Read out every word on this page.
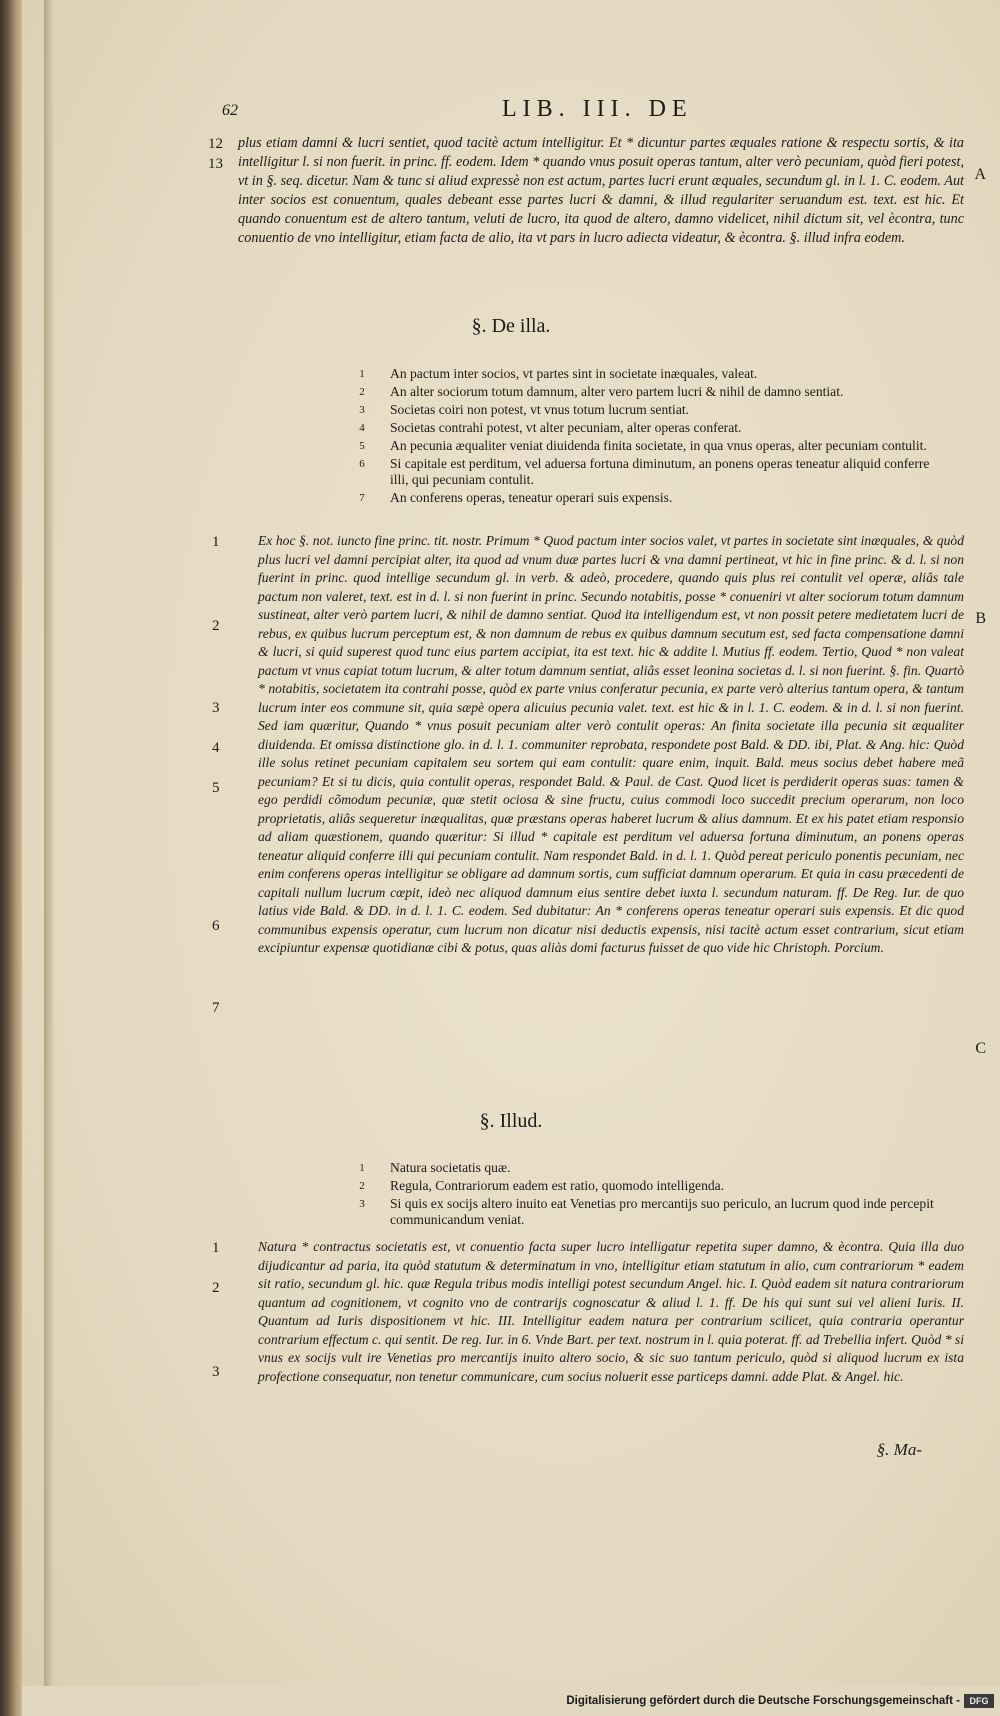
62	LIB. III. DE
A
B
C
12
13

plus etiam damni & lucri sentiet, quod tacitè actum intelligitur. Et * dicuntur partes æquales ratione & respectu sortis, & ita intelligitur l. si non fuerit. in princ. ff. eodem. Idem * quando vnus posuit operas tantum, alter verò pecuniam, quòd fieri potest, vt in §. seq. dicetur. Nam & tunc si aliud expressè non est actum, partes lucri erunt æquales, secundum gl. in l. 1. C. eodem. Aut inter socios est conuentum, quales debeant esse partes lucri & damni, & illud regulariter seruandum est. text. est hic. Et quando conuentum est de altero tantum, veluti de lucro, ita quod de altero, damno videlicet, nihil dictum sit, vel ècontra, tunc conuentio de vno intelligitur, etiam facta de alio, ita vt pars in lucro adiecta videatur, & ècontra. §. illud infra eodem.

§. De illa.
1	An pactum inter socios, vt partes sint in societate inæquales, valeat.
2	An alter sociorum totum damnum, alter vero partem lucri & nihil de damno sentiat.
3	Societas coiri non potest, vt vnus totum lucrum sentiat.
4	Societas contrahi potest, vt alter pecuniam, alter operas conferat.
5	An pecunia æqualiter veniat diuidenda finita societate, in qua vnus operas, alter pecuniam contulit.
6	Si capitale est perditum, vel aduersa fortuna diminutum, an ponens operas teneatur aliquid conferre illi, qui pecuniam contulit.
7	An conferens operas, teneatur operari suis expensis.
1
2
3
4
5
6
7

Ex hoc §. not. iuncto fine princ. tit. nostr. Primum * Quod pactum inter socios valet, vt partes in societate sint inæquales, & quòd plus lucri vel damni percipiat alter, ita quod ad vnum duæ partes lucri & vna damni pertineat, vt hic in fine princ. & d. l. si non fuerint in princ. quod intellige secundum gl. in verb. & adeò, procedere, quando quis plus rei contulit vel operæ, aliâs tale pactum non valeret, text. est in d. l. si non fuerint in princ. Secundo notabitis, posse * conueniri vt alter sociorum totum damnum sustineat, alter verò partem lucri, & nihil de damno sentiat. Quod ita intelligendum est, vt non possit petere medietatem lucri de rebus, ex quibus lucrum perceptum est, & non damnum de rebus ex quibus damnum secutum est, sed facta compensatione damni & lucri, si quid superest quod tunc eius partem accipiat, ita est text. hic & addite l. Mutius ff. eodem. Tertio, Quod * non valeat pactum vt vnus capiat totum lucrum, & alter totum damnum sentiat, aliâs esset leonina societas d. l. si non fuerint. §. fin. Quartò * notabitis, societatem ita contrahi posse, quòd ex parte vnius conferatur pecunia, ex parte verò alterius tantum opera, & tantum lucrum inter eos commune sit, quia sæpè opera alicuius pecunia valet. text. est hic & in l. 1. C. eodem. & in d. l. si non fuerint. Sed iam quæritur, Quando * vnus posuit pecuniam alter verò contulit operas: An finita societate illa pecunia sit æqualiter diuidenda. Et omissa distinctione glo. in d. l. 1. communiter reprobata, respondete post Bald. & DD. ibi, Plat. & Ang. hic: Quòd ille solus retinet pecuniam capitalem seu sortem qui eam contulit: quare enim, inquit. Bald. meus socius debet habere meã pecuniam? Et si tu dicis, quia contulit operas, respondet Bald. & Paul. de Cast. Quod licet is perdiderit operas suas: tamen & ego perdidi cõmodum pecuniæ, quæ stetit ociosa & sine fructu, cuius commodi loco succedit precium operarum, non loco proprietatis, aliâs sequeretur inæqualitas, quæ præstans operas haberet lucrum & alius damnum. Et ex his patet etiam responsio ad aliam quæstionem, quando quæritur: Si illud * capitale est perditum vel aduersa fortuna diminutum, an ponens operas teneatur aliquid conferre illi qui pecuniam contulit. Nam respondet Bald. in d. l. 1. Quòd pereat periculo ponentis pecuniam, nec enim conferens operas intelligitur se obligare ad damnum sortis, cum sufficiat damnum operarum. Et quia in casu præcedenti de capitali nullum lucrum cœpit, ideò nec aliquod damnum eius sentire debet iuxta l. secundum naturam. ff. De Reg. Iur. de quo latius vide Bald. & DD. in d. l. 1. C. eodem. Sed dubitatur: An * conferens operas teneatur operari suis expensis. Et dic quod communibus expensis operatur, cum lucrum non dicatur nisi deductis expensis, nisi tacitè actum esset contrarium, sicut etiam excipiuntur expensæ quotidianæ cibi & potus, quas aliàs domi facturus fuisset de quo vide hic Christoph. Porcium.

§. Illud.
1	Natura societatis quæ.
2	Regula, Contrariorum eadem est ratio, quomodo intelligenda.
3	Si quis ex socijs altero inuito eat Venetias pro mercantijs suo periculo, an lucrum quod inde percepit communicandum veniat.
1
2
3

Natura * contractus societatis est, vt conuentio facta super lucro intelligatur repetita super damno, & ècontra. Quia illa duo dijudicantur ad paria, ita quòd statutum & determinatum in vno, intelligitur etiam statutum in alio, cum contrariorum * eadem sit ratio, secundum gl. hic. quæ Regula tribus modis intelligi potest secundum Angel. hic. I. Quòd eadem sit natura contrariorum quantum ad cognitionem, vt cognito vno de contrarijs cognoscatur & aliud l. 1. ff. De his qui sunt sui vel alieni Iuris. II. Quantum ad Iuris dispositionem vt hic. III. Intelligitur eadem natura per contrarium scilicet, quia contraria operantur contrarium effectum c. qui sentit. De reg. Iur. in 6. Vnde Bart. per text. nostrum in l. quia poterat. ff. ad Trebellia infert. Quòd * si vnus ex socijs vult ire Venetias pro mercantijs inuito altero socio, & sic suo tantum periculo, quòd si aliquod lucrum ex ista profectione consequatur, non tenetur communicare, cum socius noluerit esse particeps damni. adde Plat. & Angel. hic.

§. Ma-
Digitalisierung gefördert durch die Deutsche Forschungsgemeinschaft -	DFG
